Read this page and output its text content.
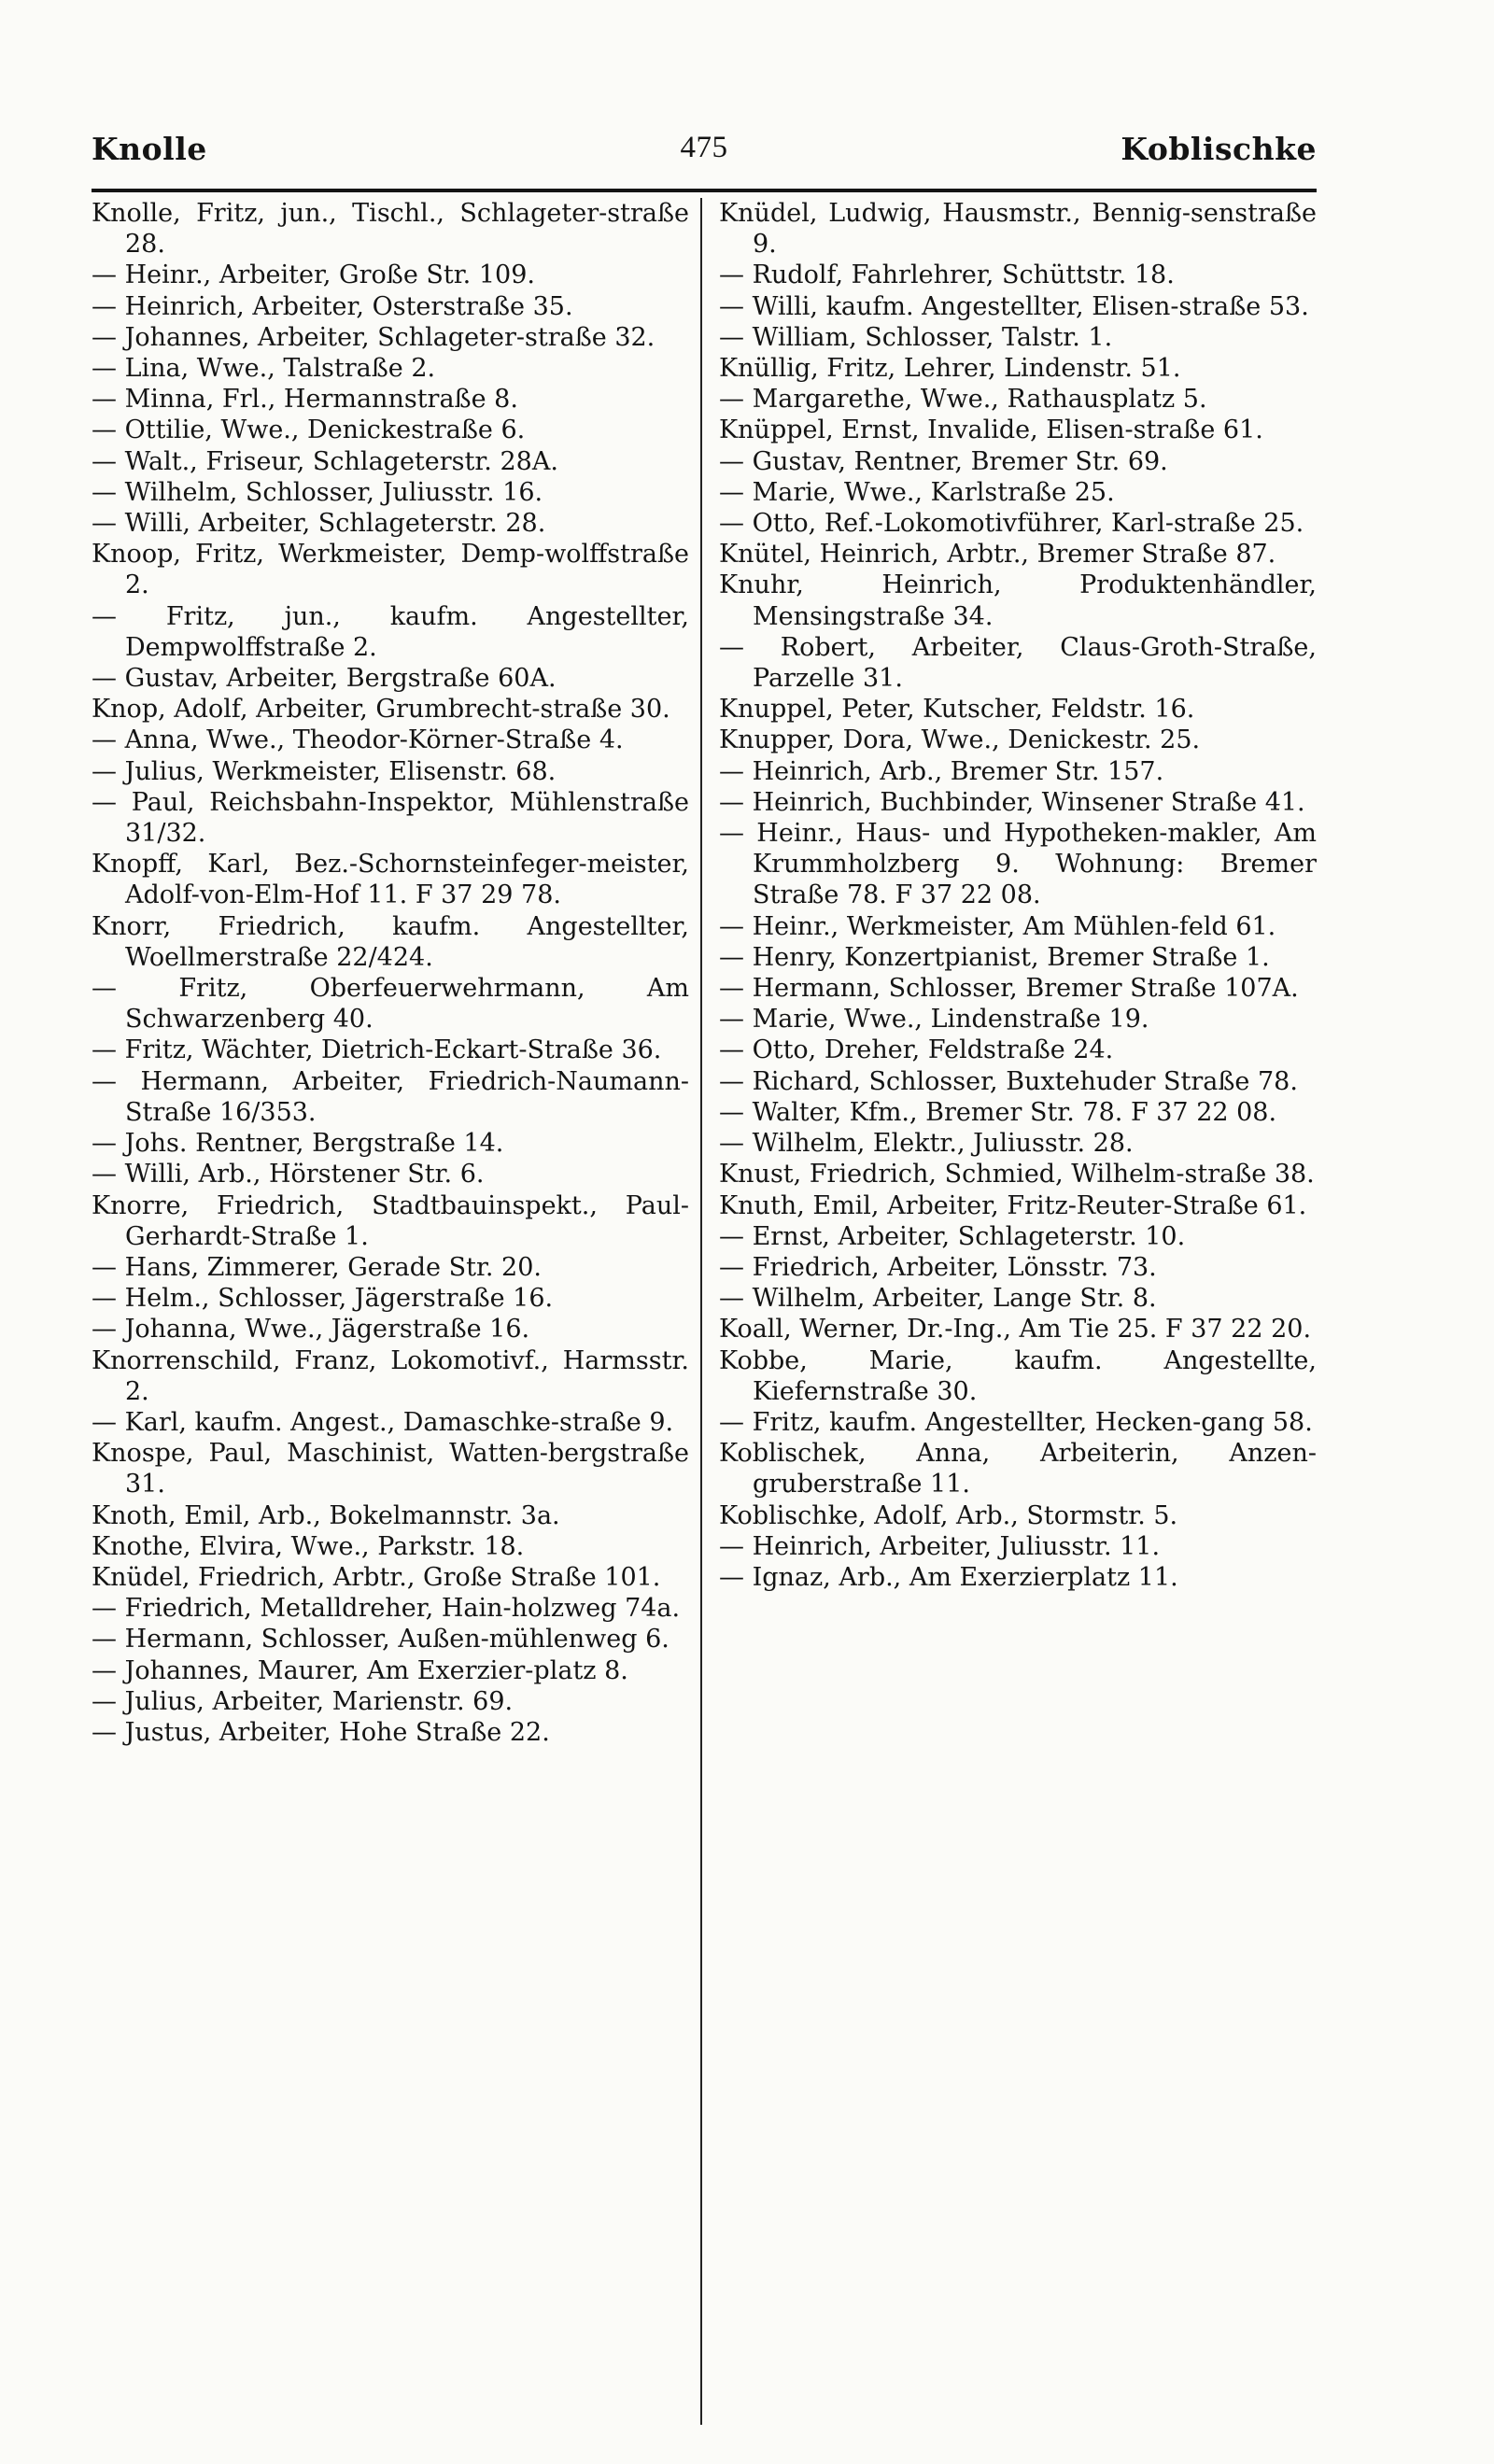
Knolle	475	Koblischke
Knolle, Fritz, jun., Tischl., Schlageter-straße 28.
— Heinr., Arbeiter, Große Str. 109.
— Heinrich, Arbeiter, Osterstraße 35.
— Johannes, Arbeiter, Schlageter-straße 32.
— Lina, Wwe., Talstraße 2.
— Minna, Frl., Hermannstraße 8.
— Ottilie, Wwe., Denickestraße 6.
— Walt., Friseur, Schlageterstr. 28A.
— Wilhelm, Schlosser, Juliusstr. 16.
— Willi, Arbeiter, Schlageterstr. 28.
Knoop, Fritz, Werkmeister, Demp-wolffstraße 2.
— Fritz, jun., kaufm. Angestellter, Dempwolffstraße 2.
— Gustav, Arbeiter, Bergstraße 60A.
Knop, Adolf, Arbeiter, Grumbrecht-straße 30.
— Anna, Wwe., Theodor-Körner-Straße 4.
— Julius, Werkmeister, Elisenstr. 68.
— Paul, Reichsbahn-Inspektor, Mühlenstraße 31/32.
Knopff, Karl, Bez.-Schornsteinfeger-meister, Adolf-von-Elm-Hof 11. F 37 29 78.
Knorr, Friedrich, kaufm. Angestellter, Woellmerstraße 22/424.
— Fritz, Oberfeuerwehrmann, Am Schwarzenberg 40.
— Fritz, Wächter, Dietrich-Eckart-Straße 36.
— Hermann, Arbeiter, Friedrich-Naumann-Straße 16/353.
— Johs. Rentner, Bergstraße 14.
— Willi, Arb., Hörstener Str. 6.
Knorre, Friedrich, Stadtbauinspekt., Paul-Gerhardt-Straße 1.
— Hans, Zimmerer, Gerade Str. 20.
— Helm., Schlosser, Jägerstraße 16.
— Johanna, Wwe., Jägerstraße 16.
Knorrenschild, Franz, Lokomotivf., Harmsstr. 2.
— Karl, kaufm. Angest., Damaschke-straße 9.
Knospe, Paul, Maschinist, Watten-bergstraße 31.
Knoth, Emil, Arb., Bokelmannstr. 3a.
Knothe, Elvira, Wwe., Parkstr. 18.
Knüdel, Friedrich, Arbtr., Große Straße 101.
— Friedrich, Metalldreher, Hain-holzweg 74a.
— Hermann, Schlosser, Außen-mühlenweg 6.
— Johannes, Maurer, Am Exerzier-platz 8.
— Julius, Arbeiter, Marienstr. 69.
— Justus, Arbeiter, Hohe Straße 22.
Knüdel, Ludwig, Hausmstr., Bennig-senstraße 9.
— Rudolf, Fahrlehrer, Schüttstr. 18.
— Willi, kaufm. Angestellter, Elisen-straße 53.
— William, Schlosser, Talstr. 1.
Knüllig, Fritz, Lehrer, Lindenstr. 51.
— Margarethe, Wwe., Rathausplatz 5.
Knüppel, Ernst, Invalide, Elisen-straße 61.
— Gustav, Rentner, Bremer Str. 69.
— Marie, Wwe., Karlstraße 25.
— Otto, Ref.-Lokomotivführer, Karl-straße 25.
Knütel, Heinrich, Arbtr., Bremer Straße 87.
Knuhr, Heinrich, Produktenhändler, Mensingstraße 34.
— Robert, Arbeiter, Claus-Groth-Straße, Parzelle 31.
Knuppel, Peter, Kutscher, Feldstr. 16.
Knupper, Dora, Wwe., Denickestr. 25.
— Heinrich, Arb., Bremer Str. 157.
— Heinrich, Buchbinder, Winsener Straße 41.
— Heinr., Haus- und Hypotheken-makler, Am Krummholzberg 9. Wohnung: Bremer Straße 78. F 37 22 08.
— Heinr., Werkmeister, Am Mühlen-feld 61.
— Henry, Konzertpianist, Bremer Straße 1.
— Hermann, Schlosser, Bremer Straße 107A.
— Marie, Wwe., Lindenstraße 19.
— Otto, Dreher, Feldstraße 24.
— Richard, Schlosser, Buxtehuder Straße 78.
— Walter, Kfm., Bremer Str. 78. F 37 22 08.
— Wilhelm, Elektr., Juliusstr. 28.
Knust, Friedrich, Schmied, Wilhelm-straße 38.
Knuth, Emil, Arbeiter, Fritz-Reuter-Straße 61.
— Ernst, Arbeiter, Schlageterstr. 10.
— Friedrich, Arbeiter, Lönsstr. 73.
— Wilhelm, Arbeiter, Lange Str. 8.
Koall, Werner, Dr.-Ing., Am Tie 25. F 37 22 20.
Kobbe, Marie, kaufm. Angestellte, Kiefernstraße 30.
— Fritz, kaufm. Angestellter, Hecken-gang 58.
Koblischek, Anna, Arbeiterin, Anzen-gruberstraße 11.
Koblischke, Adolf, Arb., Stormstr. 5.
— Heinrich, Arbeiter, Juliusstr. 11.
— Ignaz, Arb., Am Exerzierplatz 11.
